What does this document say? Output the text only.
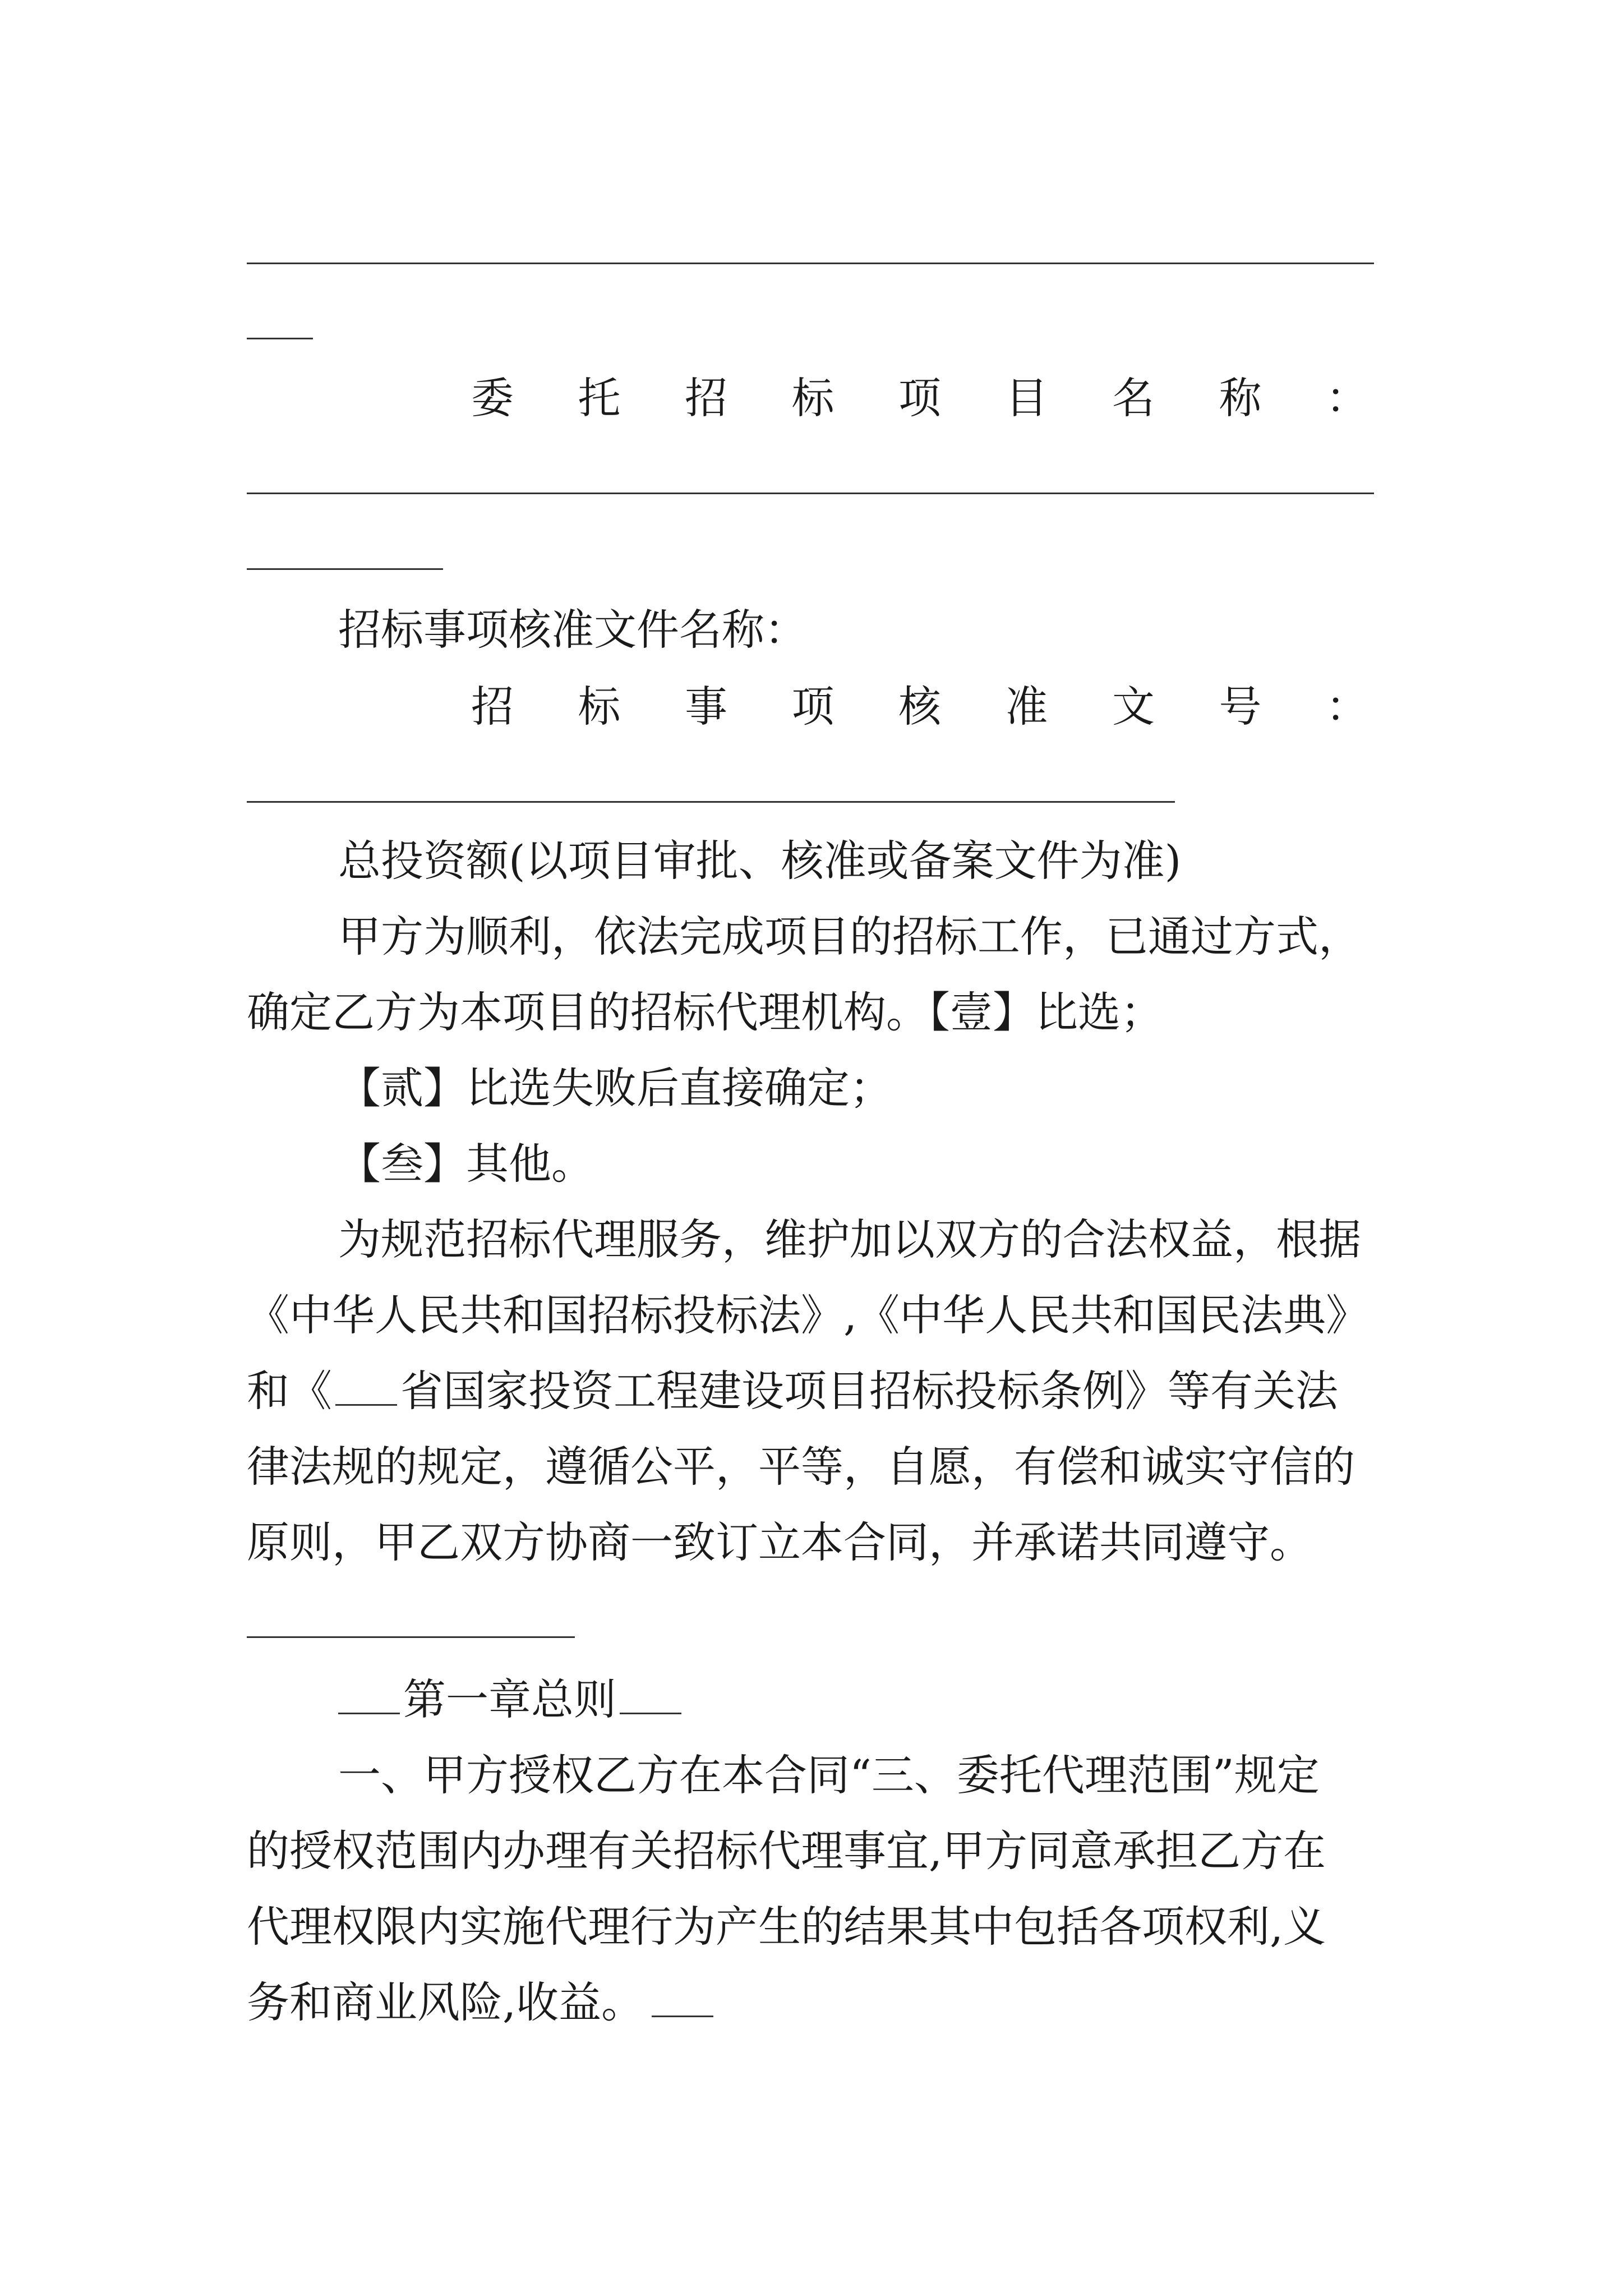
委 托 招 标 项 目 名 称 ：
招标事项核准文件名称：
招 标 事 项 核 准 文 号 ：
总投资额(以项目审批、核准或备案文件为准)
甲方为顺利，依法完成项目的招标工作，已通过方式，
确定乙方为本项目的招标代理机构。【壹】比选；
【贰】比选失败后直接确定；
【叁】其他。
为规范招标代理服务，维护加以双方的合法权益，根据
《中华人民共和国招标投标法》,《中华人民共和国民法典》
和《 省国家投资工程建设项目招标投标条例》等有关法
律法规的规定，遵循公平，平等，自愿，有偿和诚实守信的
原则，甲乙双方协商一致订立本合同，并承诺共同遵守。
第一章总则
一、甲方授权乙方在本合同“三、委托代理范围”规定
的授权范围内办理有关招标代理事宜,甲方同意承担乙方在
代理权限内实施代理行为产生的结果其中包括各项权利,义
务和商业风险,收益。
